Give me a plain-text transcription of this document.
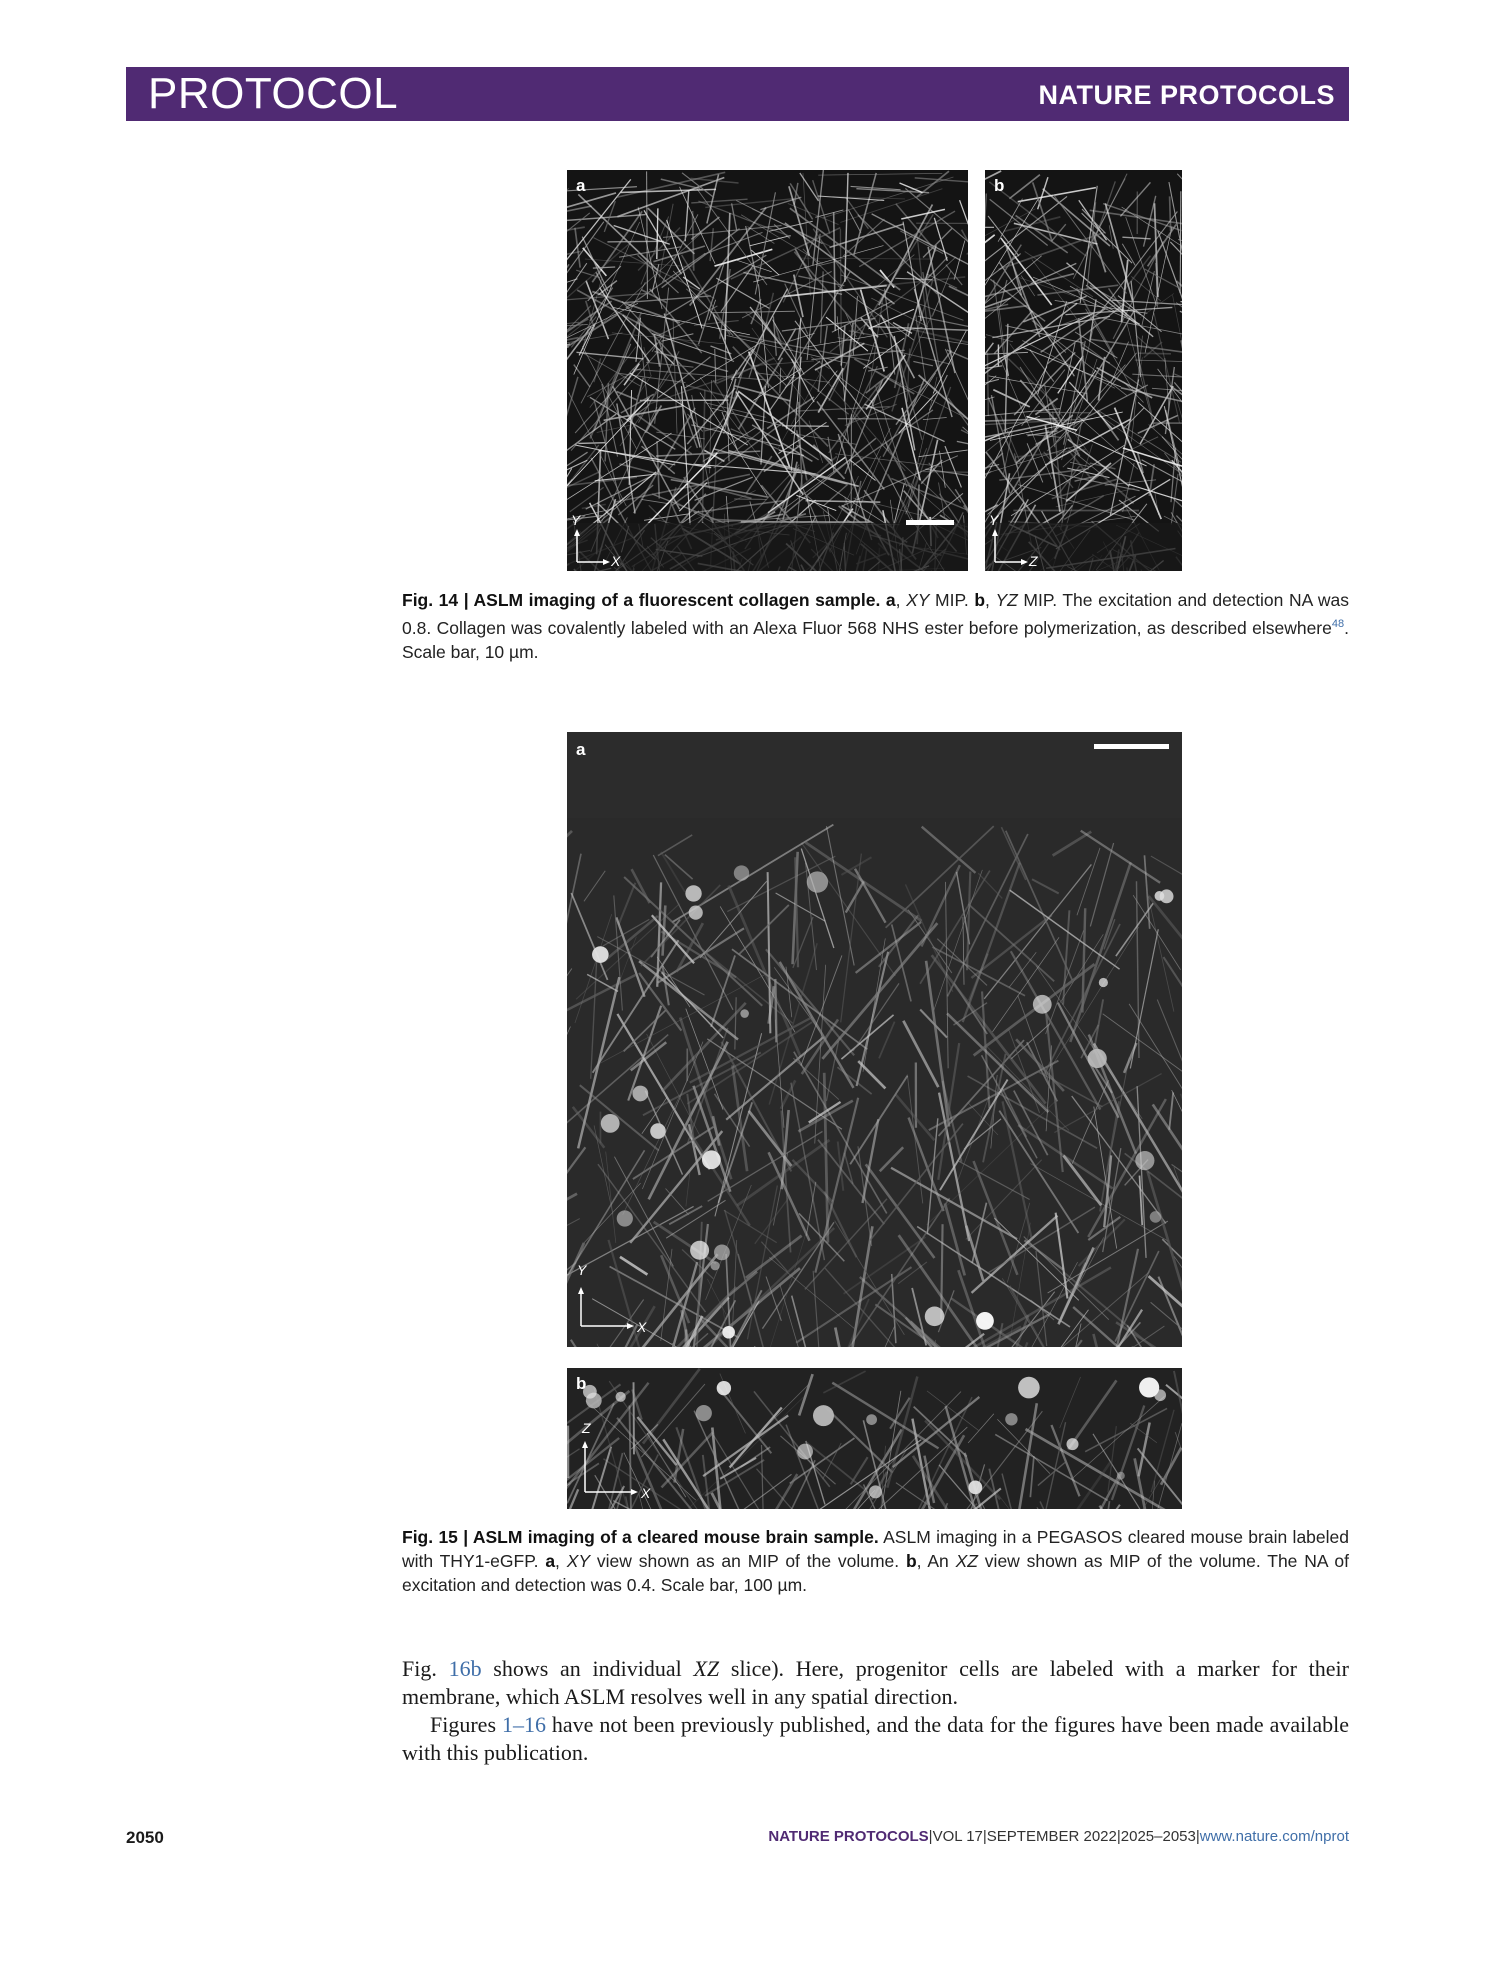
PROTOCOL	NATURE PROTOCOLS
a
Y
X
b
Y
Z
Fig. 14 | ASLM imaging of a fluorescent collagen sample. a, XY MIP. b, YZ MIP. The excitation and detection NA was 0.8. Collagen was covalently labeled with an Alexa Fluor 568 NHS ester before polymerization, as described elsewhere$^{48}$. Scale bar, 10 µm.
a
Y
X
b
Z
X
Fig. 15 | ASLM imaging of a cleared mouse brain sample. ASLM imaging in a PEGASOS cleared mouse brain labeled with THY1-eGFP. a, XY view shown as an MIP of the volume. b, An XZ view shown as MIP of the volume. The NA of excitation and detection was 0.4. Scale bar, 100 µm.
Fig. 16b shows an individual XZ slice). Here, progenitor cells are labeled with a marker for their membrane, which ASLM resolves well in any spatial direction.
Figures 1–16 have not been previously published, and the data for the figures have been made available with this publication.
2050	NATURE PROTOCOLS|VOL 17|SEPTEMBER 2022|2025–2053|www.nature.com/nprot
